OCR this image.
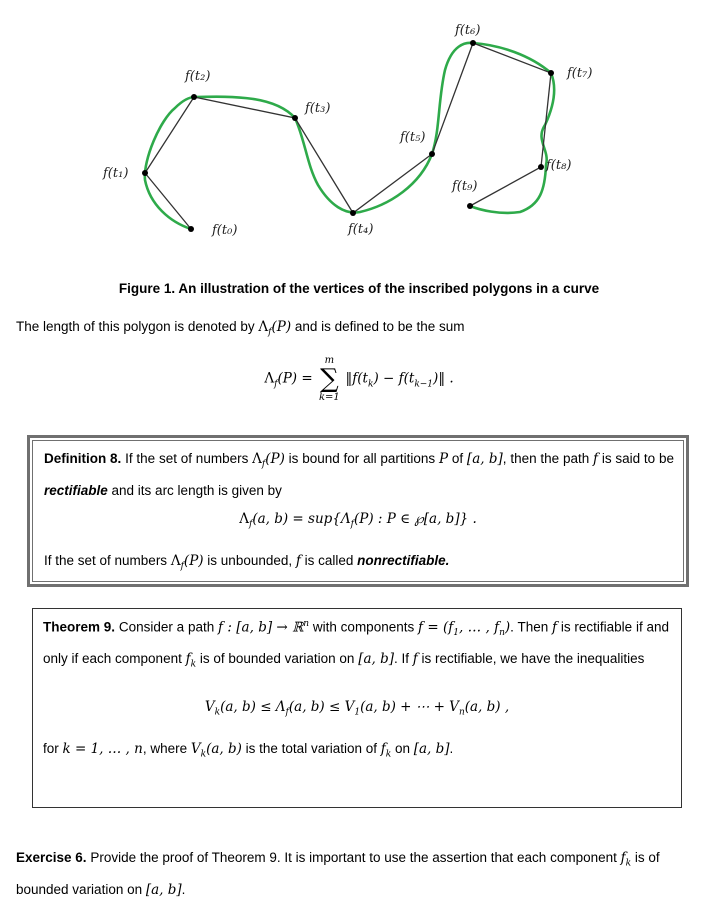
f(t₀)
f(t₁)
f(t₂)
f(t₃)
f(t₄)
f(t₅)
f(t₆)
f(t₇)
f(t₈)
f(t₉)
Figure 1. An illustration of the vertices of the inscribed polygons in a curve
The length of this polygon is denoted by $\Lambda_f(P)$ and is defined to be the sum
$\Lambda_f(P)$ =
m
∑
k=1
$‖f(t_k)$ − $f(t_{k-1})‖$ .
Definition 8. If the set of numbers $\Lambda_f(P)$ is bound for all partitions P of [a, b], then the path f is said to be rectifiable and its arc length is given by
$\Lambda_f(a$, $b) = sup\{\Lambda_f(P)$ : P ∈ ℘[a, b]} .
If the set of numbers $\Lambda_f(P)$ is unbounded, f is called nonrectifiable.
Theorem 9. Consider a path f : [a, b] → ℝ$^n$ with components $f = (f_1$, … , $f_n$). Then f is rectifiable if and only if each component $f_k$ is of bounded variation on [a, b]. If f is rectifiable, we have the inequalities
$V_k(a$, $b) \le \Lambda_f(a$, $b) \le V_1(a$, b) + ⋯ + $V_n(a$, b) ,
for k = 1, … , n, where $V_k(a$, b) is the total variation of $f_k$ on [a, b].
Exercise 6. Provide the proof of Theorem 9. It is important to use the assertion that each component $f_k$ is of bounded variation on [a, b].
